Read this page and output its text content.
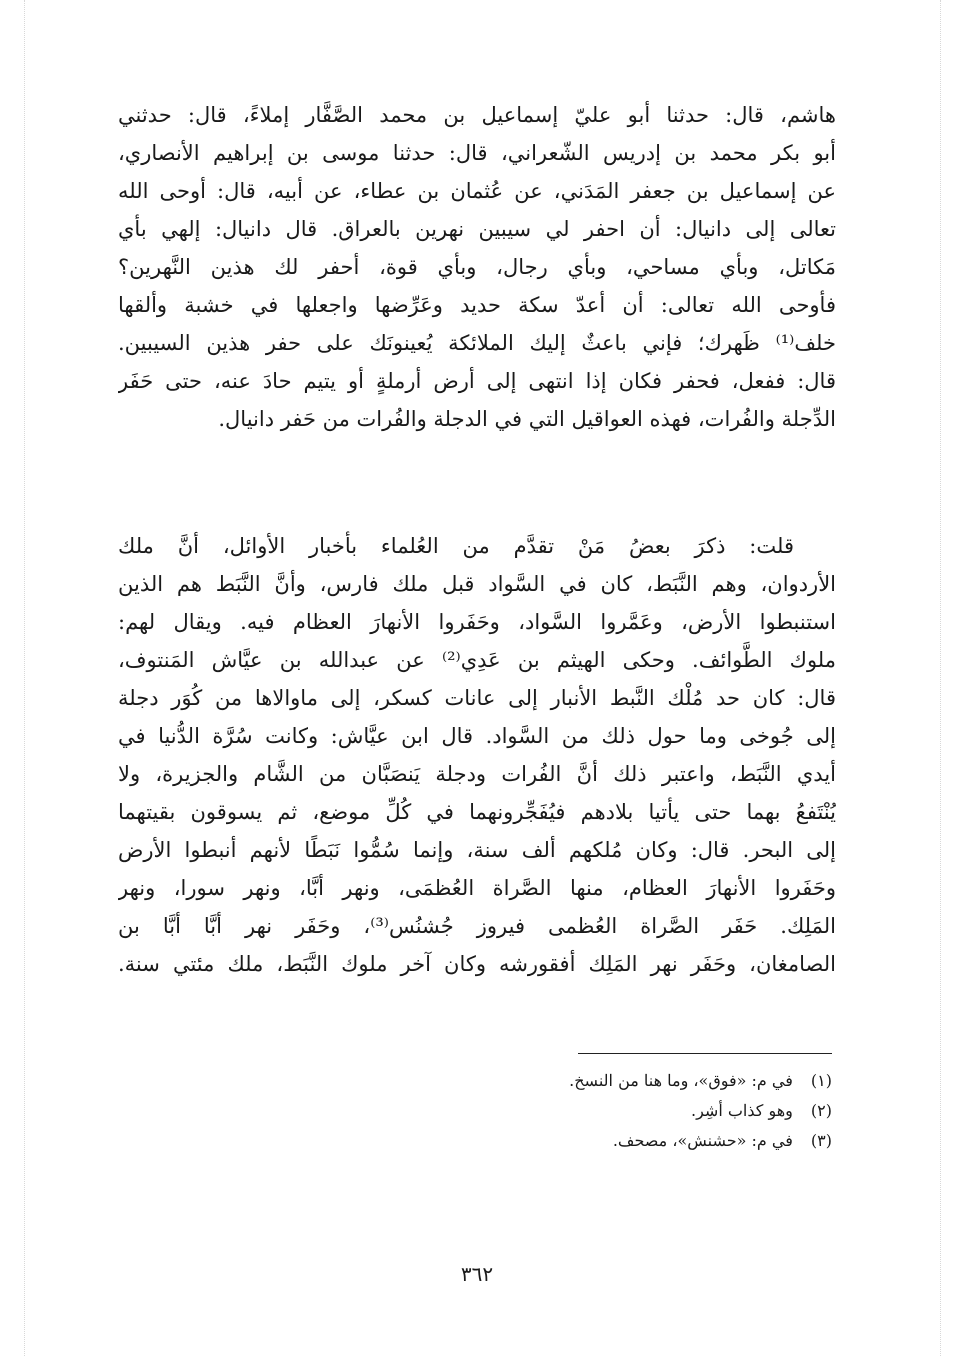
هاشم، قال: حدثنا أبو عليّ إسماعيل بن محمد الصَّفَّار إملاءً، قال: حدثني
أبو بكر محمد بن إدريس الشّعراني، قال: حدثنا موسى بن إبراهيم الأنصاري،
عن إسماعيل بن جعفر المَدَني، عن عُثمان بن عطاء، عن أبيه، قال: أوحى الله
تعالى إلى دانيال: أن احفر لي سيبين نهرين بالعراق. قال دانيال: إلهي بأي
مَكاتل، وبأي مساحي، وبأي رجال، وبأي قوة، أحفر لك هذين النَّهرين؟
فأوحى الله تعالى: أن أعدّ سكة حديد وعَرِّضها واجعلها في خشبة وألقها
خلف⁽¹⁾ ظَهرك؛ فإني باعثٌ إليك الملائكة يُعينونَك على حفر هذين السيبين.
قال: ففعل، فحفر فكان إذا انتهى إلى أرض أرملةٍ أو يتيم حادَ عنه، حتى حَفَر
الدِّجلة والفُرات، فهذه العواقيل التي في الدجلة والفُرات من حَفر دانيال.
قلت: ذكرَ بعضُ مَنْ تقدَّم من العُلماء بأخبار الأوائل، أنَّ ملك
الأردوان، وهم النَّبَط، كان في السَّواد قبل ملك فارس، وأنَّ النَّبَط هم الذين
استنبطوا الأرض، وعَمَّروا السَّواد، وحَفَروا الأنهارَ العظام فيه. ويقال لهم:
ملوك الطَّوائف. وحكى الهيثم بن عَدِي⁽²⁾ عن عبدالله بن عيَّاش المَنتوف،
قال: كان حد مُلْك النَّبط الأنبار إلى عانات كسكر، إلى ماوالاها من كُوَر دجلة
إلى جُوخى وما حول ذلك من السَّواد. قال ابن عيَّاش: وكانت سُرَّة الدُّنيا في
أيدي النَّبَط، واعتبر ذلك أنَّ الفُرات ودجلة يَنصَبَّان من الشَّام والجزيرة، ولا
يُنْتَفعُ بهما حتى يأتيا بلادهم فيُفَجِّرونهما في كُلِّ موضع، ثم يسوقون بقيتهما
إلى البحر. قال: وكان مُلكهم ألف سنة، وإنما سُمُّوا نَبَطًا لأنهم أنبطوا الأرض
وحَفَروا الأنهارَ العظام، منها الصَّراة العُظمَى، ونهر أبَّا، ونهر سورا، ونهر
المَلِك. حَفَر الصَّراة العُظمى فيروز جُشنُس⁽³⁾، وحَفَر نهر أبَّا أبَّا بن
الصامغان، وحَفَر نهر المَلِك أفقورشه وكان آخر ملوك النَّبَط، ملك مئتي سنة.
(١) في م: «فوق»، وما هنا من النسخ.
(٢) وهو كذاب أشِر.
(٣) في م: «حشنش»، مصحف.
٣٦٢
